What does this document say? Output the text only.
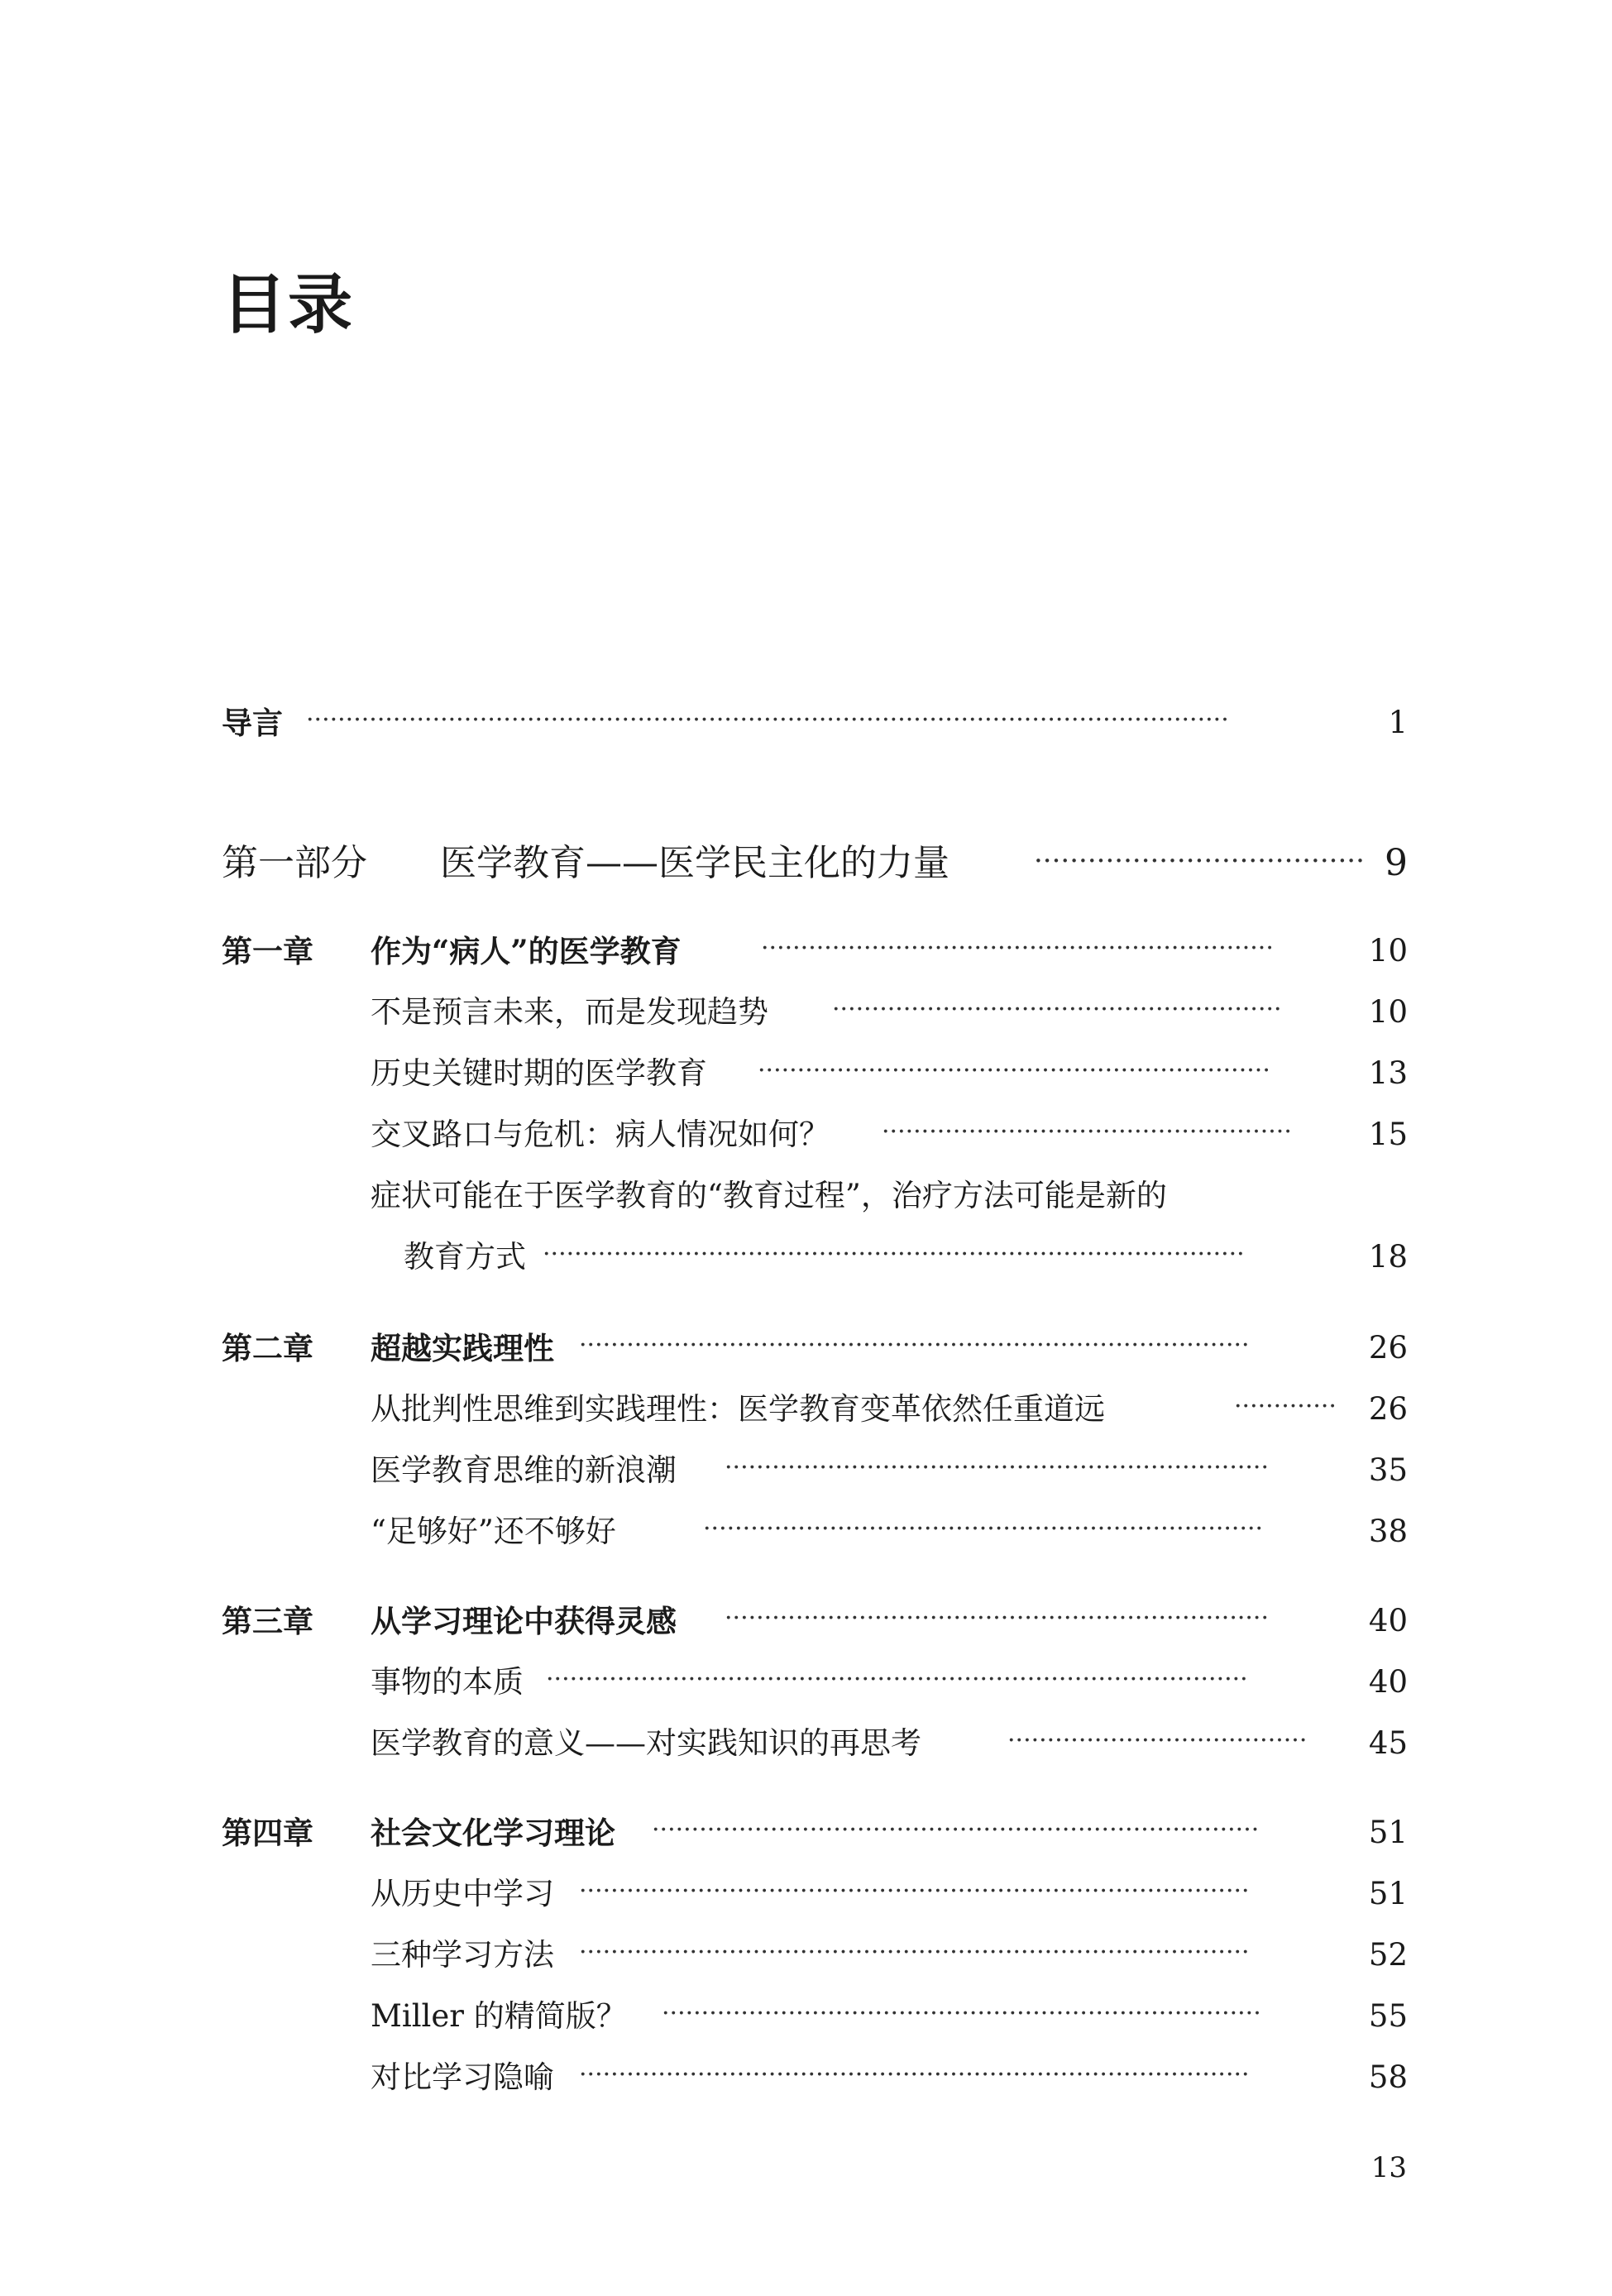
目录
导言 ·····················································································································	1
第一部分 医学教育——医学民主化的力量	····································· 9
第一章 作为“病人”的医学教育	·································································	10
不是预言未来，而是发现趋势	·························································	10
历史关键时期的医学教育 ·································································	13
交叉路口与危机：病人情况如何？ ····················································	15
症状可能在于医学教育的“教育过程”，治疗方法可能是新的
教育方式 ·························································································	18
第二章 超越实践理性 ·····················································································	26
从批判性思维到实践理性：医学教育变革依然任重道远	·············	26
医学教育思维的新浪潮 ·····································································	35
“足够好”还不够好	·······································································	38
第三章 从学习理论中获得灵感 ·····································································	40
事物的本质 ·························································································	40
医学教育的意义——对实践知识的再思考	······································	45
第四章 社会文化学习理论 ·············································································	51
从历史中学习 ·····················································································	51
三种学习方法 ·····················································································	52
Miller 的精简版？ ············································································	55
对比学习隐喻 ·····················································································	58
13
